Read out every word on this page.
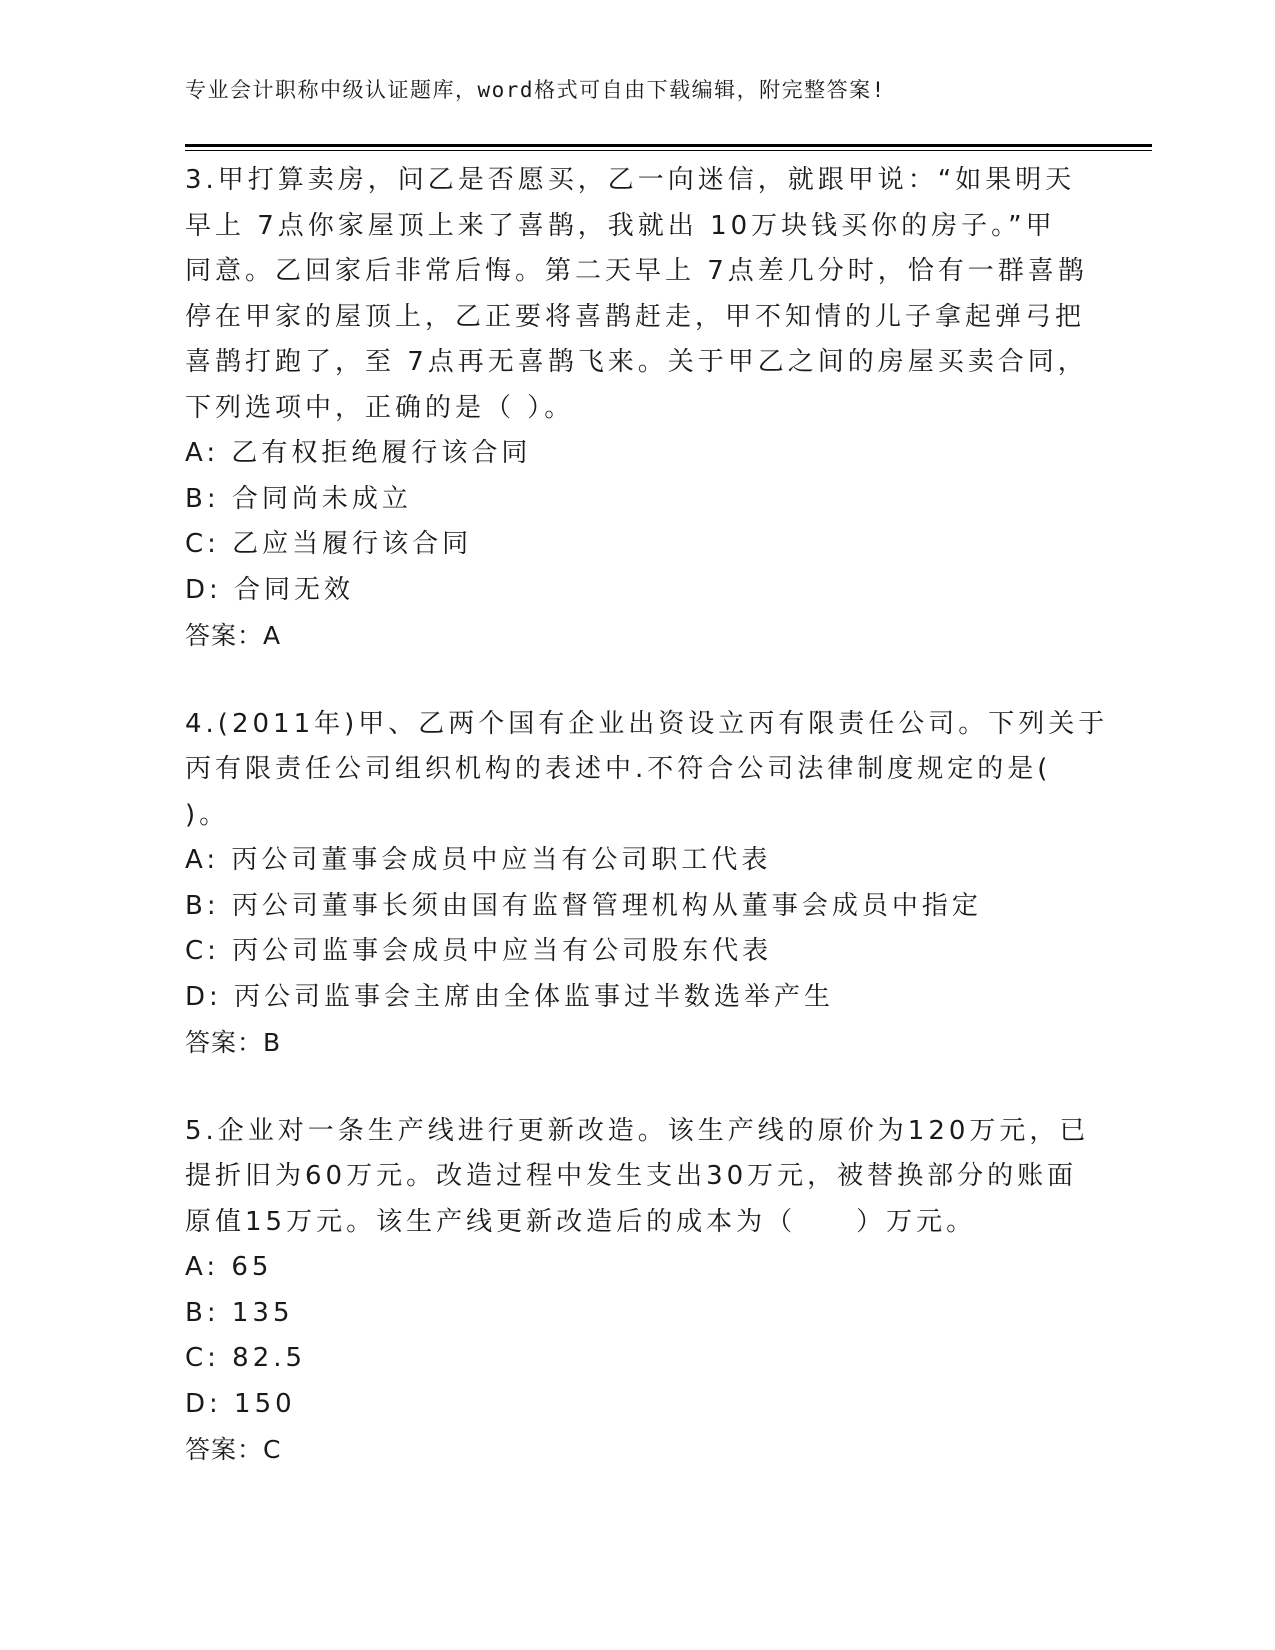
专业会计职称中级认证题库，word格式可自由下载编辑，附完整答案!
3.甲打算卖房，问乙是否愿买，乙一向迷信，就跟甲说：“如果明天
早上 7点你家屋顶上来了喜鹊，我就出 10万块钱买你的房子。”甲
同意。乙回家后非常后悔。第二天早上 7点差几分时，恰有一群喜鹊
停在甲家的屋顶上，乙正要将喜鹊赶走，甲不知情的儿子拿起弹弓把
喜鹊打跑了，至 7点再无喜鹊飞来。关于甲乙之间的房屋买卖合同，
下列选项中，正确的是（ ）。
A: 乙有权拒绝履行该合同
B: 合同尚未成立
C: 乙应当履行该合同
D: 合同无效
答案：A
4.(2011年)甲、乙两个国有企业出资设立丙有限责任公司。下列关于
丙有限责任公司组织机构的表述中.不符合公司法律制度规定的是(
)。
A: 丙公司董事会成员中应当有公司职工代表
B: 丙公司董事长须由国有监督管理机构从董事会成员中指定
C: 丙公司监事会成员中应当有公司股东代表
D: 丙公司监事会主席由全体监事过半数选举产生
答案：B
5.企业对一条生产线进行更新改造。该生产线的原价为120万元，已
提折旧为60万元。改造过程中发生支出30万元，被替换部分的账面
原值15万元。该生产线更新改造后的成本为（　　）万元。
A: 65
B: 135
C: 82.5
D: 150
答案：C
